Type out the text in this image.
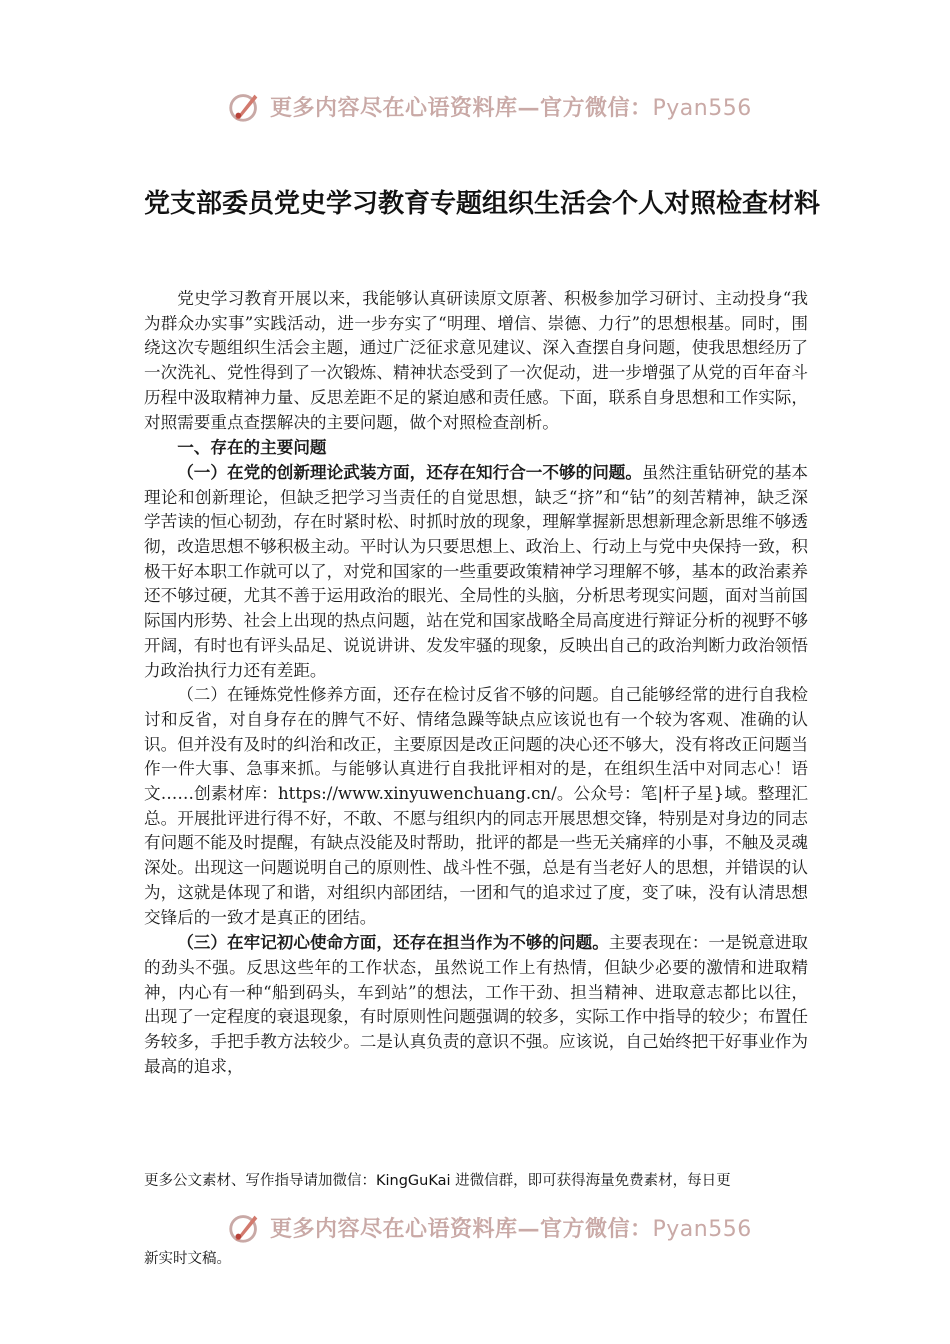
更多内容尽在心语资料库—官方微信：Pyan556
党支部委员党史学习教育专题组织生活会个人对照检查材料

党史学习教育开展以来，我能够认真研读原文原著、积极参加学习研讨、主动投身“我为群众办实事”实践活动，进一步夯实了“明理、增信、崇德、力行”的思想根基。同时，围绕这次专题组织生活会主题，通过广泛征求意见建议、深入查摆自身问题，使我思想经历了一次洗礼、党性得到了一次锻炼、精神状态受到了一次促动，进一步增强了从党的百年奋斗历程中汲取精神力量、反思差距不足的紧迫感和责任感。下面，联系自身思想和工作实际，对照需要重点查摆解决的主要问题，做个对照检查剖析。

一、存在的主要问题

（一）在党的创新理论武装方面，还存在知行合一不够的问题。虽然注重钻研党的基本理论和创新理论，但缺乏把学习当责任的自觉思想，缺乏“挤”和“钻”的刻苦精神，缺乏深学苦读的恒心韧劲，存在时紧时松、时抓时放的现象，理解掌握新思想新理念新思维不够透彻，改造思想不够积极主动。平时认为只要思想上、政治上、行动上与党中央保持一致，积极干好本职工作就可以了，对党和国家的一些重要政策精神学习理解不够，基本的政治素养还不够过硬，尤其不善于运用政治的眼光、全局性的头脑，分析思考现实问题，面对当前国际国内形势、社会上出现的热点问题，站在党和国家战略全局高度进行辩证分析的视野不够开阔，有时也有评头品足、说说讲讲、发发牢骚的现象，反映出自己的政治判断力政治领悟力政治执行力还有差距。

（二）在锤炼党性修养方面，还存在检讨反省不够的问题。自己能够经常的进行自我检讨和反省，对自身存在的脾气不好、情绪急躁等缺点应该说也有一个较为客观、准确的认识。但并没有及时的纠治和改正，主要原因是改正问题的决心还不够大，没有将改正问题当作一件大事、急事来抓。与能够认真进行自我批评相对的是，在组织生活中对同志心！语文……创素材库：https://www.xinyuwenchuang.cn/。公众号：笔|杆子星}域。整理汇总。开展批评进行得不好，不敢、不愿与组织内的同志开展思想交锋，特别是对身边的同志有问题不能及时提醒，有缺点没能及时帮助，批评的都是一些无关痛痒的小事，不触及灵魂深处。出现这一问题说明自己的原则性、战斗性不强，总是有当老好人的思想，并错误的认为，这就是体现了和谐，对组织内部团结，一团和气的追求过了度，变了味，没有认清思想交锋后的一致才是真正的团结。

（三）在牢记初心使命方面，还存在担当作为不够的问题。主要表现在：一是锐意进取的劲头不强。反思这些年的工作状态，虽然说工作上有热情，但缺少必要的激情和进取精神，内心有一种“船到码头，车到站”的想法，工作干劲、担当精神、进取意志都比以往，出现了一定程度的衰退现象，有时原则性问题强调的较多，实际工作中指导的较少；布置任务较多，手把手教方法较少。二是认真负责的意识不强。应该说，自己始终把干好事业作为最高的追求，

更多公文素材、写作指导请加微信：KingGuKai 进微信群，即可获得海量免费素材，每日更
更多内容尽在心语资料库—官方微信：Pyan556
新实时文稿。
